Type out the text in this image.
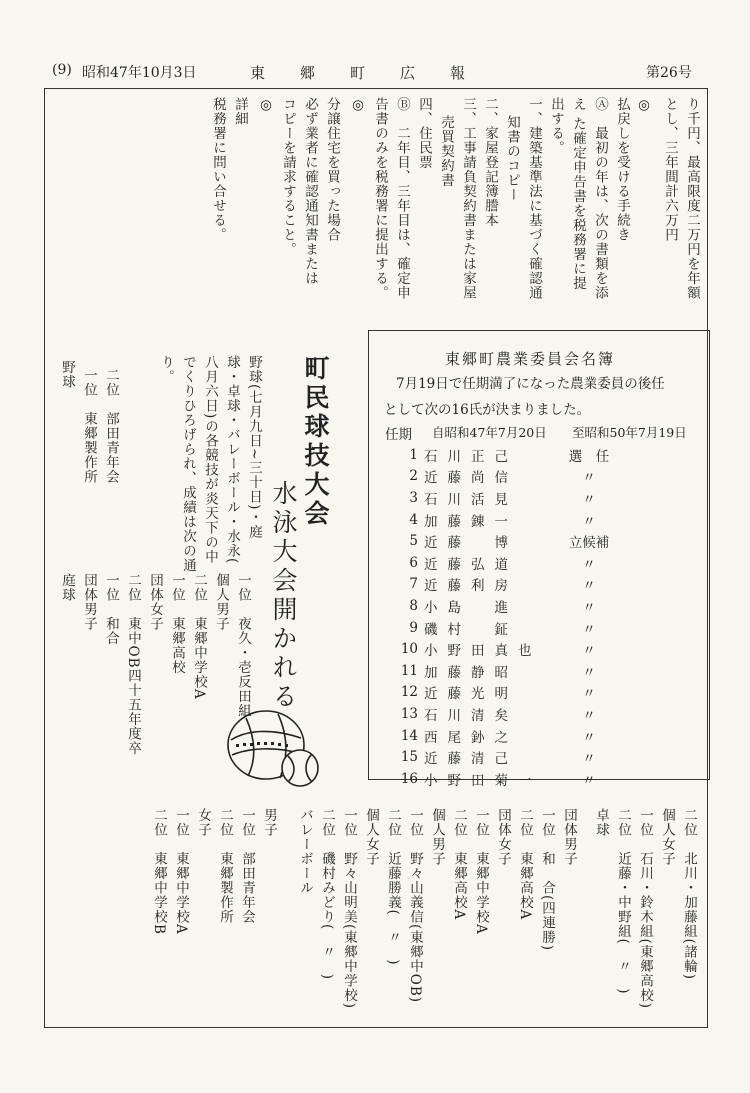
(9) 昭和47年10月3日	東 郷 町 広 報	第26号
り千円、最高限度二万円を年額
とし、三年間計六万円
◎
払戻しを受ける手続き
Ⓐ　最初の年は、次の書類を添
え た確定申告書を税務署に提
出する。
一、建築基準法に基づく確認通
知書のコピー
二、家屋登記簿謄本
三、工事請負契約書または家屋
売買契約書
四、住民票
Ⓑ　二年目、三年目は、確定申
告書のみを税務署に提出する。
◎
分譲住宅を買った場合
必ず業者に確認通知書または
コピーを請求すること。
◎
詳細
税務署に問い合せる。
町民球技大会
水泳大会開かれる
野球(七月九日~三十日)・庭
球・卓球・バレーボール・水永(
八月六日)の各競技が炎天下の中
でくりひろげられ、成績は次の通
り。
一位　夜久・壱反田組
個人男子
二位　東郷中学校A
一位　東郷高校
団体女子
二位　東中OB四十五年度卒
一位　和合
団体男子
庭球
二位　部田青年会
一位　東郷製作所
野球
東郷町農業委員会名簿
7月19日で任期満了になった農業委員の後任
として次の16氏が決まりました。
任期 自昭和47年7月20日 至昭和50年7月19日
1	石川正己	選　任
2	近藤尚信	〃
3	石川活見	〃
4	加藤錬一	〃
5	近藤　博	立候補
6	近藤弘道	〃
7	近藤利房	〃
8	小島　進	〃
9	磯村　鉦	〃
10	小野田真也	〃
11	加藤静昭	〃
12	近藤光明	〃
13	石川清矣	〃
14	西尾釥之	〃
15	近藤清己	〃
16	小野田菊一	〃
二位　北川・加藤組(諸輪)
個人女子
一位　石川・鈴木組(東郷高校)
二位　近藤・中野組(　〃　)
卓球
団体男子
一位　和　合(四連勝)
二位　東郷高校A
団体女子
一位　東郷中学校A
二位　東郷高校A
個人男子
一位　野々山義信(東郷中OB)
二位　近藤勝義(　〃　)
個人女子
一位　野々山明美(東郷中学校)
二位　磯村みどり(　〃　)
バレーボール
男子
一位　部田青年会
二位　東郷製作所
女子
一位　東郷中学校A
二位　東郷中学校B
